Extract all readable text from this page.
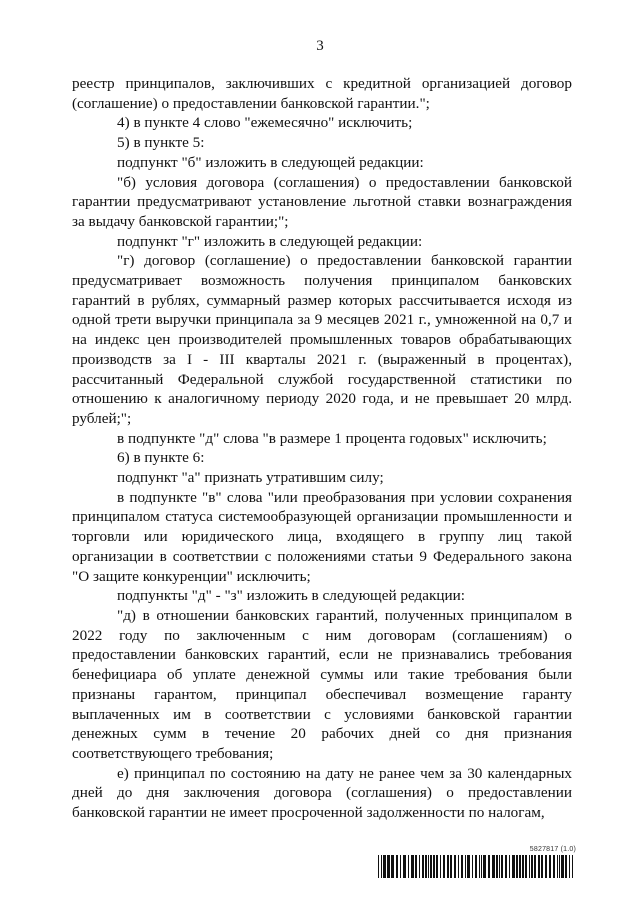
3

реестр принципалов, заключивших с кредитной организацией договор (соглашение) о предоставлении банковской гарантии.";

4) в пункте 4 слово "ежемесячно" исключить;

5) в пункте 5:

подпункт "б" изложить в следующей редакции:

"б) условия договора (соглашения) о предоставлении банковской гарантии предусматривают установление льготной ставки вознаграждения за выдачу банковской гарантии;";

подпункт "г" изложить в следующей редакции:

"г) договор (соглашение) о предоставлении банковской гарантии предусматривает возможность получения принципалом банковских гарантий в рублях, суммарный размер которых рассчитывается исходя из одной трети выручки принципала за 9 месяцев 2021 г., умноженной на 0,7 и на индекс цен производителей промышленных товаров обрабатывающих производств за I - III кварталы 2021 г. (выраженный в процентах), рассчитанный Федеральной службой государственной статистики по отношению к аналогичному периоду 2020 года, и не превышает 20 млрд. рублей;";

в подпункте "д" слова "в размере 1 процента годовых" исключить;

6) в пункте 6:

подпункт "а" признать утратившим силу;

в подпункте "в" слова "или преобразования при условии сохранения принципалом статуса системообразующей организации промышленности и торговли или юридического лица, входящего в группу лиц такой организации в соответствии с положениями статьи 9 Федерального закона "О защите конкуренции" исключить;

подпункты "д" - "з" изложить в следующей редакции:

"д) в отношении банковских гарантий, полученных принципалом в 2022 году по заключенным с ним договорам (соглашениям) о предоставлении банковских гарантий, если не признавались требования бенефициара об уплате денежной суммы или такие требования были признаны гарантом, принципал обеспечивал возмещение гаранту выплаченных им в соответствии с условиями банковской гарантии денежных сумм в течение 20 рабочих дней со дня признания соответствующего требования;

е) принципал по состоянию на дату не ранее чем за 30 календарных дней до дня заключения договора (соглашения) о предоставлении банковской гарантии не имеет просроченной задолженности по налогам,

5827817 (1.0)
